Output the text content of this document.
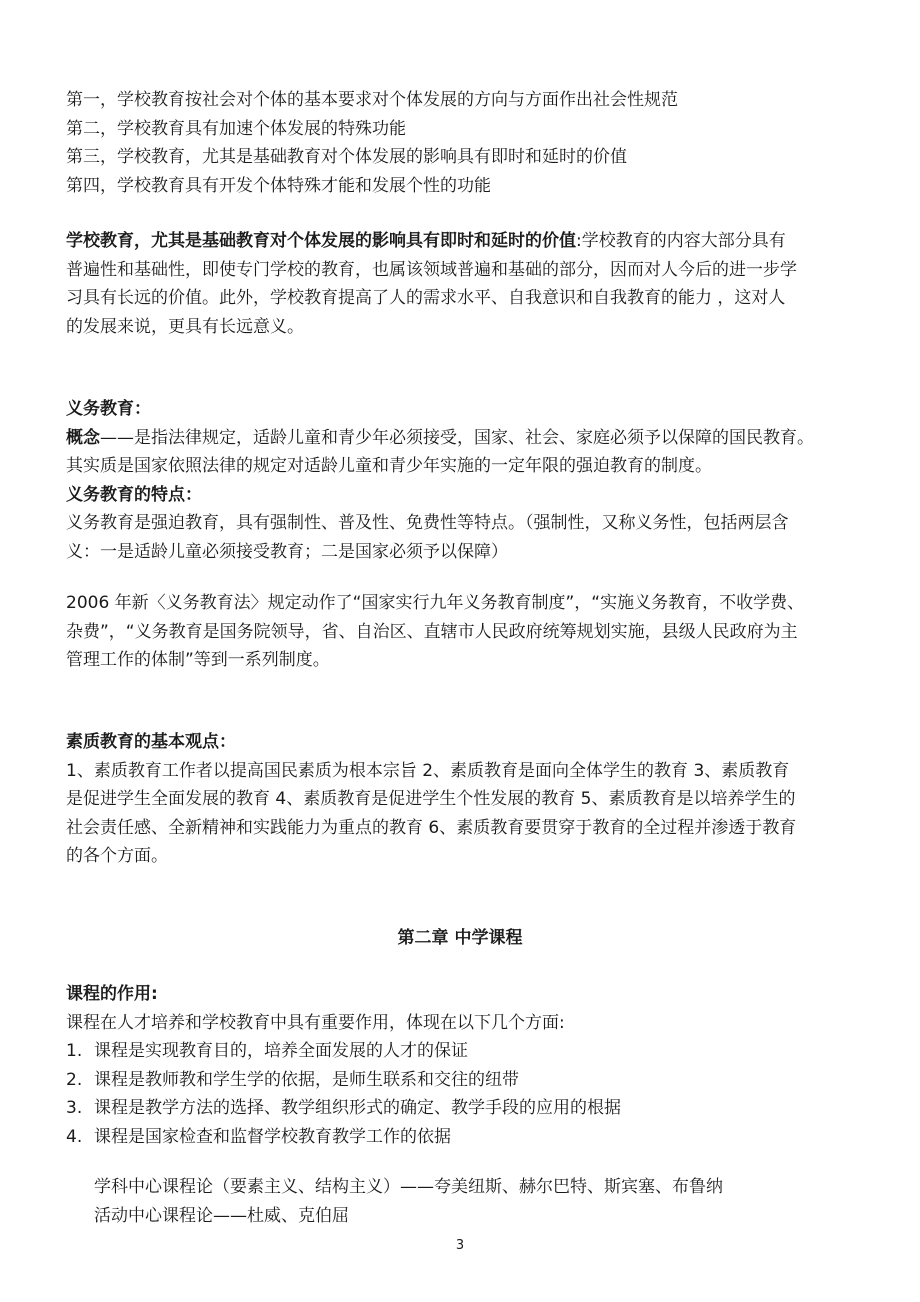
第一，学校教育按社会对个体的基本要求对个体发展的方向与方面作出社会性规范
第二，学校教育具有加速个体发展的特殊功能
第三，学校教育，尤其是基础教育对个体发展的影响具有即时和延时的价值
第四，学校教育具有开发个体特殊才能和发展个性的功能

学校教育，尤其是基础教育对个体发展的影响具有即时和延时的价值:学校教育的内容大部分具有
普遍性和基础性，即使专门学校的教育，也属该领域普遍和基础的部分，因而对人今后的进一步学
习具有长远的价值。此外，学校教育提高了人的需求水平、自我意识和自我教育的能力 ，这对人
的发展来说，更具有长远意义。

义务教育：
概念——是指法律规定，适龄儿童和青少年必须接受，国家、社会、家庭必须予以保障的国民教育。
其实质是国家依照法律的规定对适龄儿童和青少年实施的一定年限的强迫教育的制度。
义务教育的特点：
义务教育是强迫教育，具有强制性、普及性、免费性等特点。（强制性，又称义务性，包括两层含
义：一是适龄儿童必须接受教育；二是国家必须予以保障）

2006 年新〈义务教育法〉规定动作了“国家实行九年义务教育制度”，“实施义务教育，不收学费、
杂费”，“义务教育是国务院领导，省、自治区、直辖市人民政府统筹规划实施，县级人民政府为主
管理工作的体制”等到一系列制度。

素质教育的基本观点：
1、素质教育工作者以提高国民素质为根本宗旨 2、素质教育是面向全体学生的教育 3、素质教育
是促进学生全面发展的教育 4、素质教育是促进学生个性发展的教育 5、素质教育是以培养学生的
社会责任感、全新精神和实践能力为重点的教育 6、素质教育要贯穿于教育的全过程并渗透于教育
的各个方面。

第二章 中学课程

课程的作用:
课程在人才培养和学校教育中具有重要作用，体现在以下几个方面:
1. 课程是实现教育目的，培养全面发展的人才的保证
2. 课程是教师教和学生学的依据，是师生联系和交往的纽带
3. 课程是教学方法的选择、教学组织形式的确定、教学手段的应用的根据
4. 课程是国家检查和监督学校教育教学工作的依据

学科中心课程论（要素主义、结构主义）——夸美纽斯、赫尔巴特、斯宾塞、布鲁纳
活动中心课程论——杜威、克伯屈

3
